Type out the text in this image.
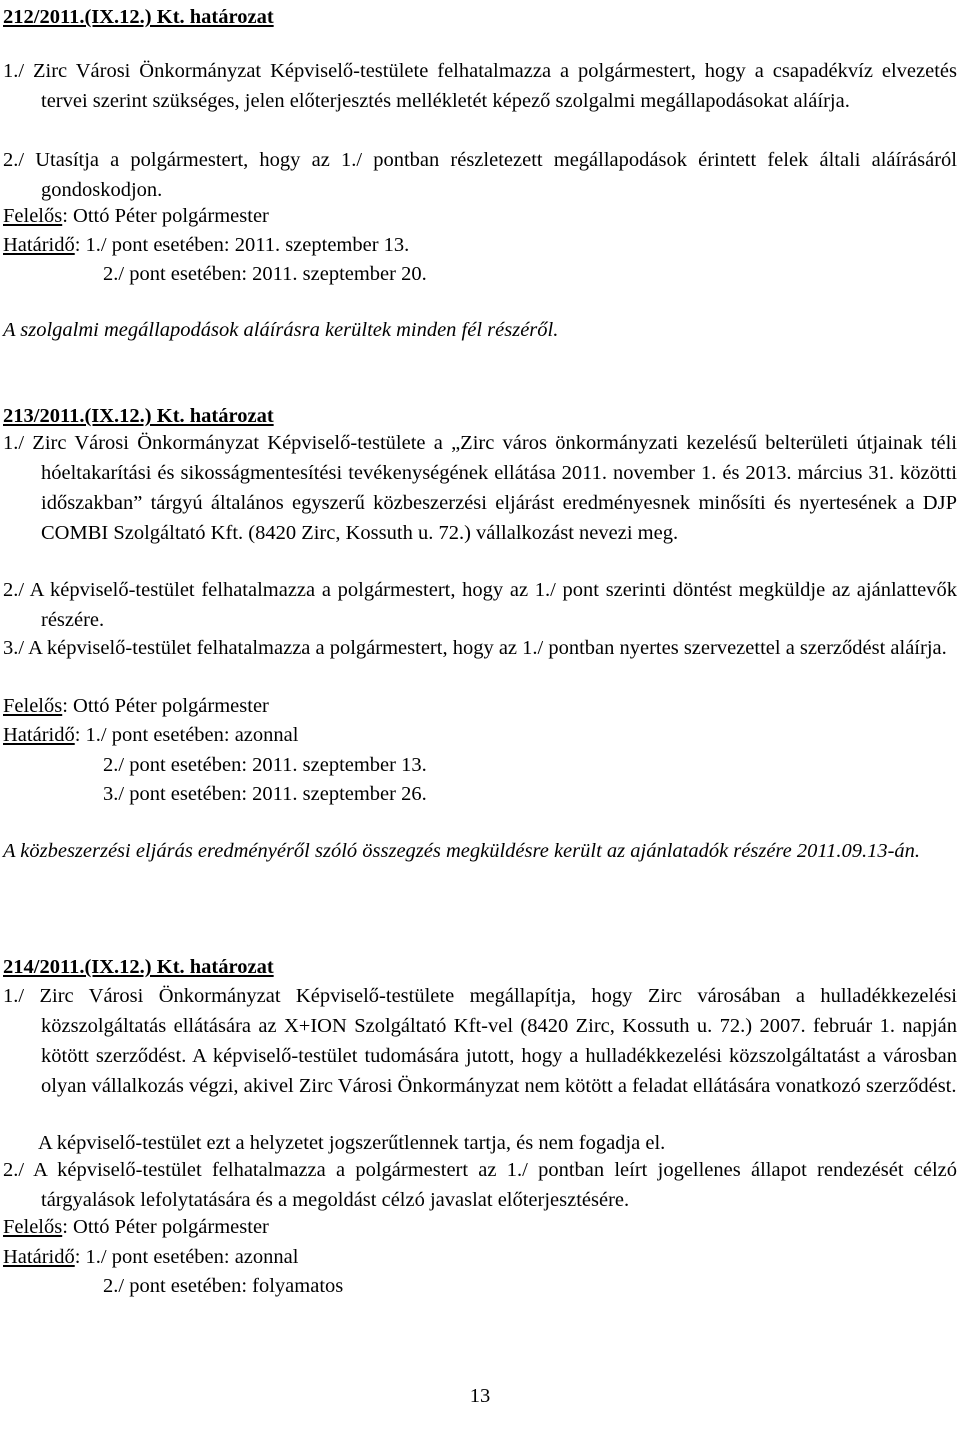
212/2011.(IX.12.) Kt. határozat
1./ Zirc Városi Önkormányzat Képviselő-testülete felhatalmazza a polgármestert, hogy a csapadékvíz elvezetés tervei szerint szükséges, jelen előterjesztés mellékletét képező szolgalmi megállapodásokat aláírja.
2./ Utasítja a polgármestert, hogy az 1./ pontban részletezett megállapodások érintett felek általi aláírásáról gondoskodjon.
Felelős: Ottó Péter polgármester
Határidő: 1./ pont esetében: 2011. szeptember 13.
2./ pont esetében: 2011. szeptember 20.
A szolgalmi megállapodások aláírásra kerültek minden fél részéről.
213/2011.(IX.12.) Kt. határozat
1./ Zirc Városi Önkormányzat Képviselő-testülete a „Zirc város önkormányzati kezelésű belterületi útjainak téli hóeltakarítási és sikosságmentesítési tevékenységének ellátása 2011. november 1. és 2013. március 31. közötti időszakban” tárgyú általános egyszerű közbeszerzési eljárást eredményesnek minősíti és nyertesének a DJP COMBI Szolgáltató Kft. (8420 Zirc, Kossuth u. 72.) vállalkozást nevezi meg.
2./ A képviselő-testület felhatalmazza a polgármestert, hogy az 1./ pont szerinti döntést megküldje az ajánlattevők részére.
3./ A képviselő-testület felhatalmazza a polgármestert, hogy az 1./ pontban nyertes szervezettel a szerződést aláírja.
Felelős: Ottó Péter polgármester
Határidő: 1./ pont esetében: azonnal
2./ pont esetében: 2011. szeptember 13.
3./ pont esetében: 2011. szeptember 26.
A közbeszerzési eljárás eredményéről szóló összegzés megküldésre került az ajánlatadók részére 2011.09.13-án.
214/2011.(IX.12.) Kt. határozat
1./ Zirc Városi Önkormányzat Képviselő-testülete megállapítja, hogy Zirc városában a hulladékkezelési közszolgáltatás ellátására az X+ION Szolgáltató Kft-vel (8420 Zirc, Kossuth u. 72.) 2007. február 1. napján kötött szerződést. A képviselő-testület tudomására jutott, hogy a hulladékkezelési közszolgáltatást a városban olyan vállalkozás végzi, akivel Zirc Városi Önkormányzat nem kötött a feladat ellátására vonatkozó szerződést.
A képviselő-testület ezt a helyzetet jogszerűtlennek tartja, és nem fogadja el.
2./ A képviselő-testület felhatalmazza a polgármestert az 1./ pontban leírt jogellenes állapot rendezését célzó tárgyalások lefolytatására és a megoldást célzó javaslat előterjesztésére.
Felelős: Ottó Péter polgármester
Határidő: 1./ pont esetében: azonnal
2./ pont esetében: folyamatos
13
